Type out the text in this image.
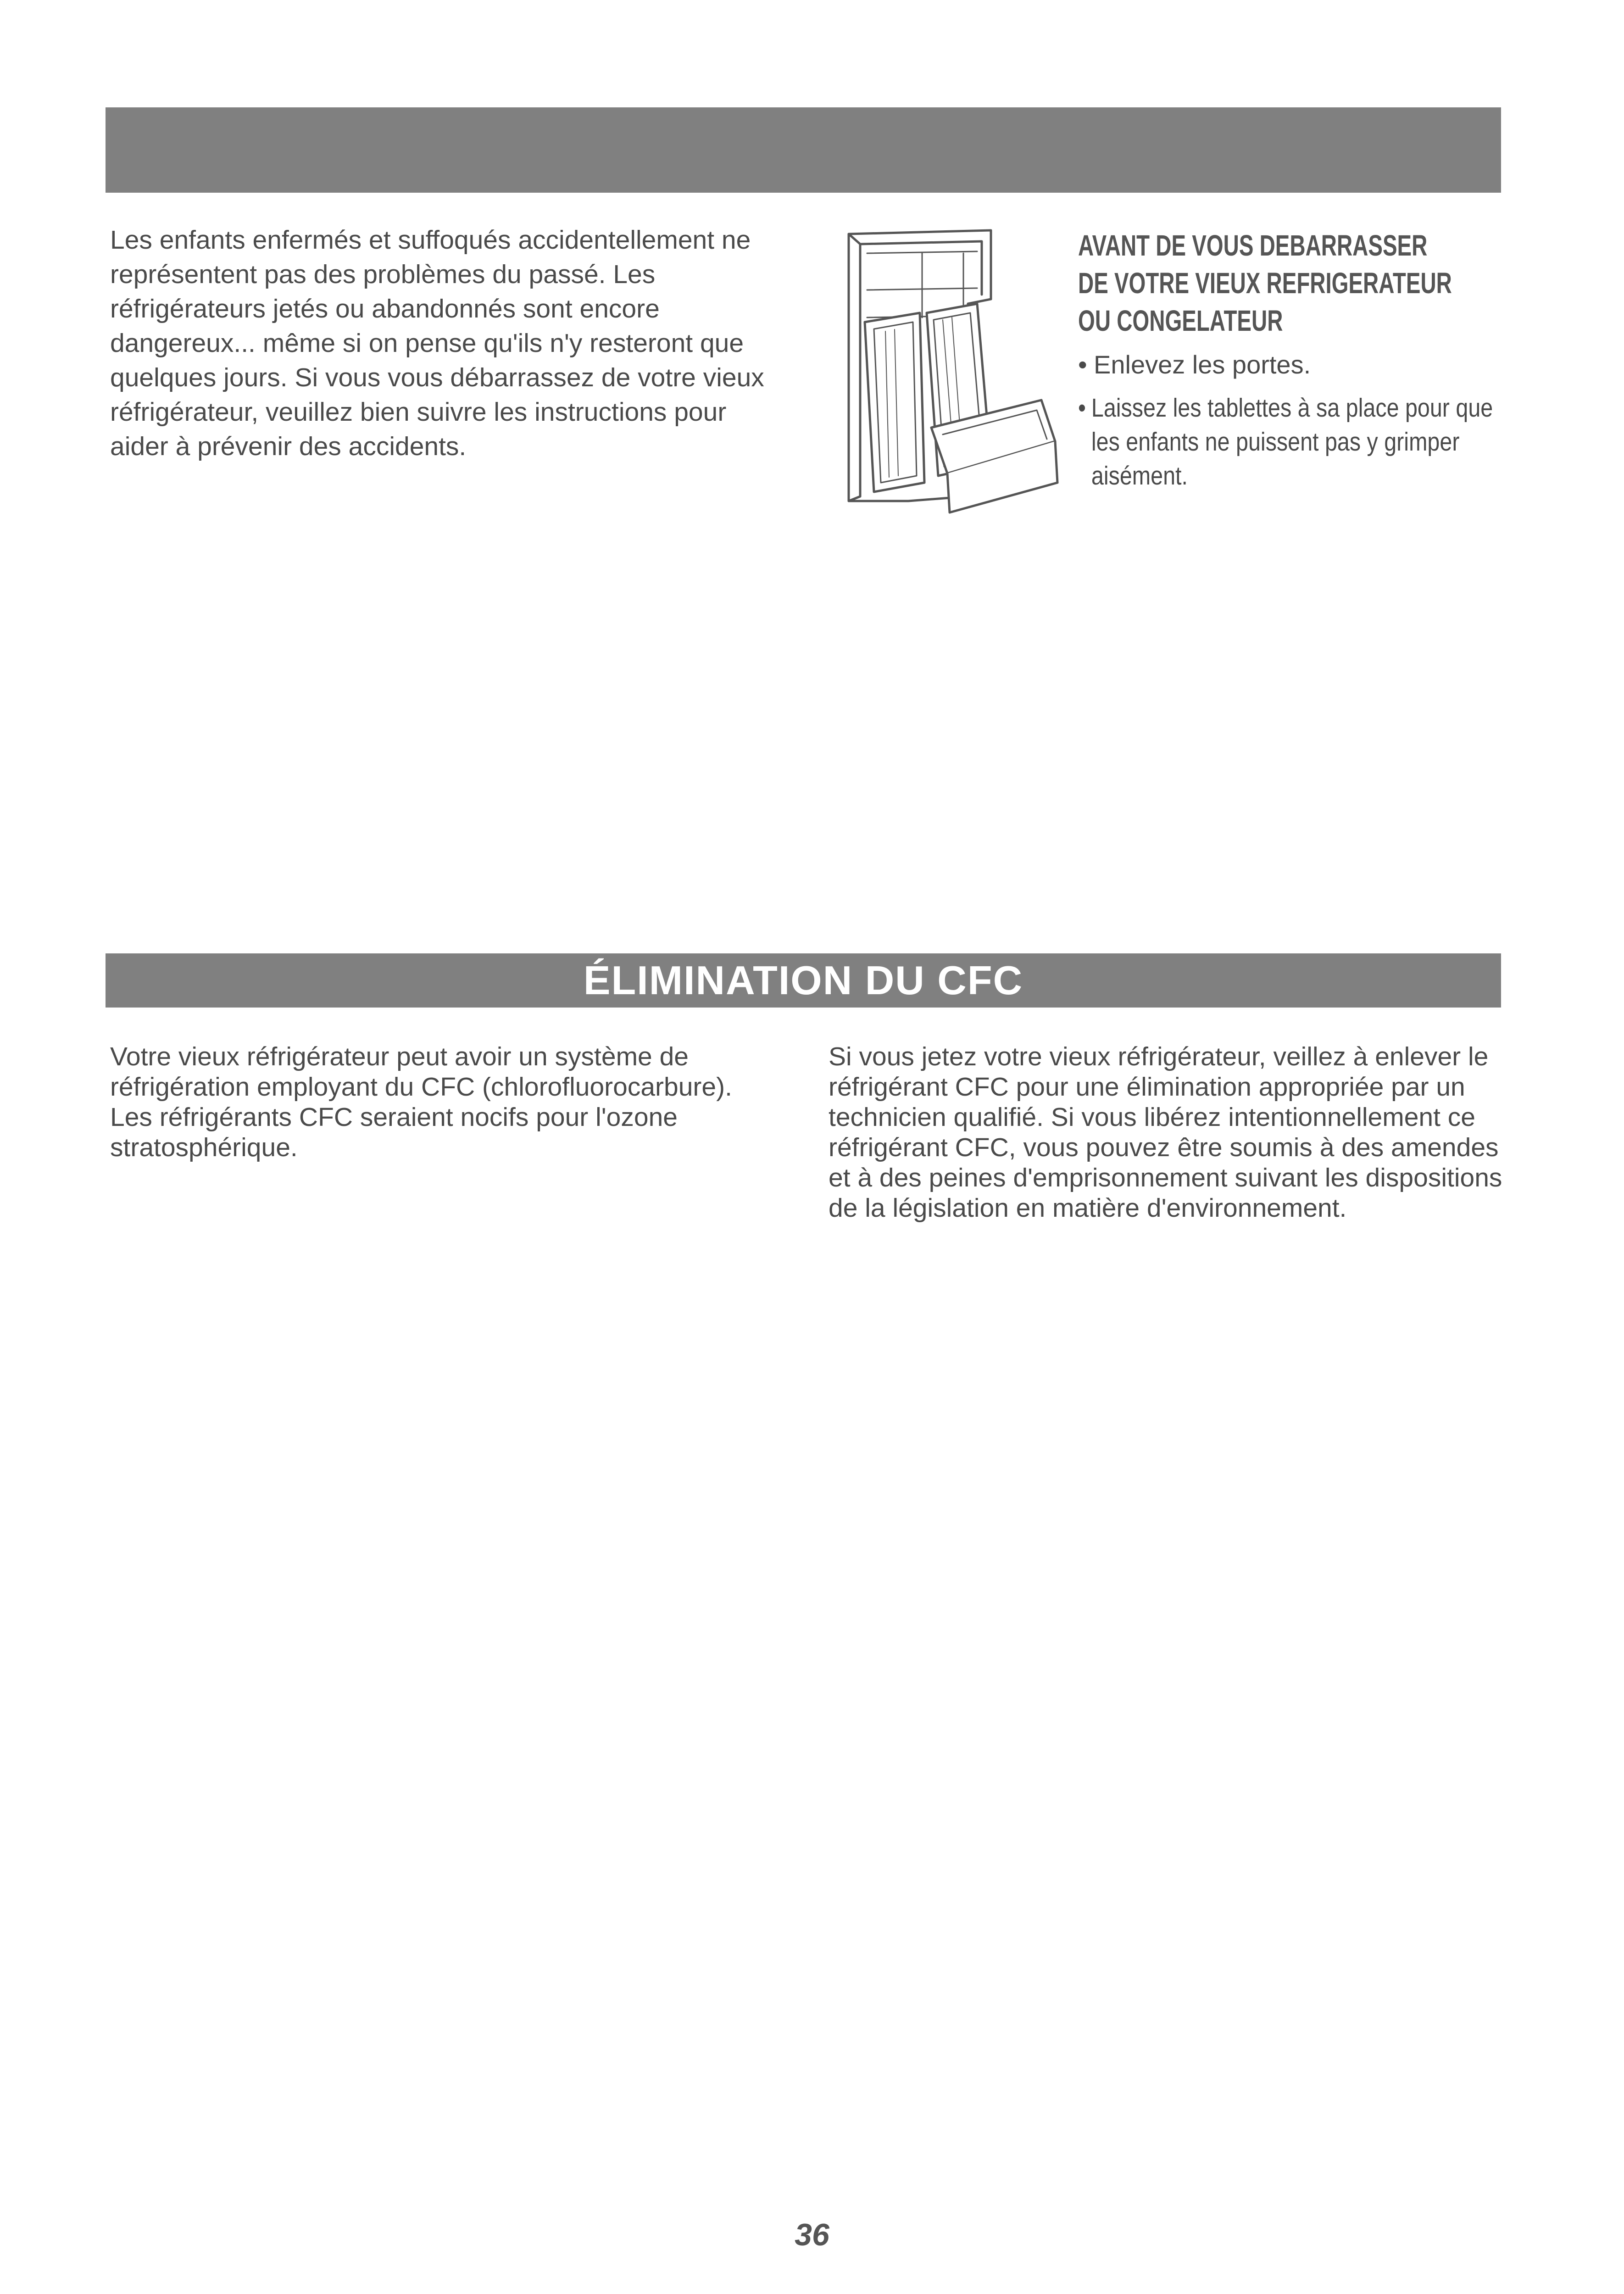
Les enfants enfermés et suffoqués accidentellement ne représentent pas des problèmes du passé. Les réfrigérateurs jetés ou abandonnés sont encore dangereux... même si on pense qu'ils n'y resteront que quelques jours. Si vous vous débarrassez de votre vieux réfrigérateur, veuillez bien suivre les instructions pour aider à prévenir des accidents.

AVANT DE VOUS DEBARRASSER
DE VOTRE VIEUX REFRIGERATEUR
OU CONGELATEUR
• Enlevez les portes.
• Laissez les tablettes à sa place pour que les enfants ne puissent pas y grimper aisément.
ÉLIMINATION DU CFC

Votre vieux réfrigérateur peut avoir un système de réfrigération employant du CFC (chlorofluorocarbure). Les réfrigérants CFC seraient nocifs pour l'ozone stratosphérique.

Si vous jetez votre vieux réfrigérateur, veillez à enlever le réfrigérant CFC pour une élimination appropriée par un technicien qualifié. Si vous libérez intentionnellement ce réfrigérant CFC, vous pouvez être soumis à des amendes et à des peines d'emprisonnement suivant les dispositions de la législation en matière d'environnement.

36
